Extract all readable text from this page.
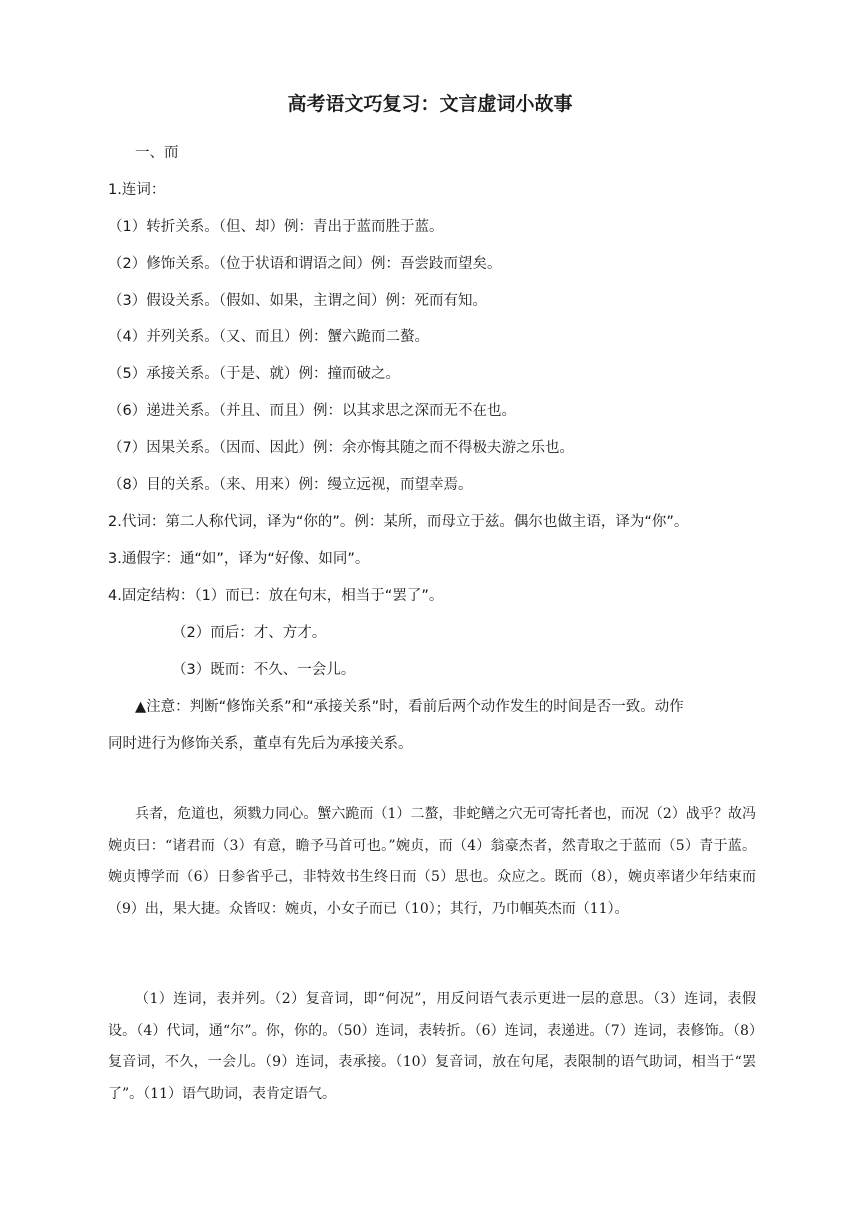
高考语文巧复习：文言虚词小故事
一、而
1.连词：
（1）转折关系。（但、却）例：青出于蓝而胜于蓝。
（2）修饰关系。（位于状语和谓语之间）例：吾尝跂而望矣。
（3）假设关系。（假如、如果，主谓之间）例：死而有知。
（4）并列关系。（又、而且）例：蟹六跪而二螯。
（5）承接关系。（于是、就）例：撞而破之。
（6）递进关系。（并且、而且）例：以其求思之深而无不在也。
（7）因果关系。（因而、因此）例：余亦悔其随之而不得极夫游之乐也。
（8）目的关系。（来、用来）例：缦立远视，而望幸焉。
2.代词：第二人称代词，译为“你的”。例：某所，而母立于兹。偶尔也做主语，译为“你”。
3.通假字：通“如”，译为“好像、如同”。
4.固定结构：（1）而已：放在句末，相当于“罢了”。
（2）而后：才、方才。
（3）既而：不久、一会儿。
▲注意：判断“修饰关系”和“承接关系”时，看前后两个动作发生的时间是否一致。动作
同时进行为修饰关系，董卓有先后为承接关系。
兵者，危道也，须戮力同心。蟹六跪而（1）二螯，非蛇鳝之穴无可寄托者也，而况（2）战乎？故冯婉贞曰：“诸君而（3）有意，瞻予马首可也。”婉贞，而（4）翁豪杰者，然青取之于蓝而（5）青于蓝。婉贞博学而（6）日参省乎己，非特效书生终日而（5）思也。众应之。既而（8），婉贞率诸少年结束而（9）出，果大捷。众皆叹：婉贞，小女子而已（10）；其行，乃巾帼英杰而（11）。
（1）连词，表并列。（2）复音词，即“何况”，用反问语气表示更进一层的意思。（3）连词，表假设。（4）代词，通“尔”。你，你的。（50）连词，表转折。（6）连词，表递进。（7）连词，表修饰。（8）复音词，不久，一会儿。（9）连词，表承接。（10）复音词，放在句尾，表限制的语气助词，相当于“罢了”。（11）语气助词，表肯定语气。
